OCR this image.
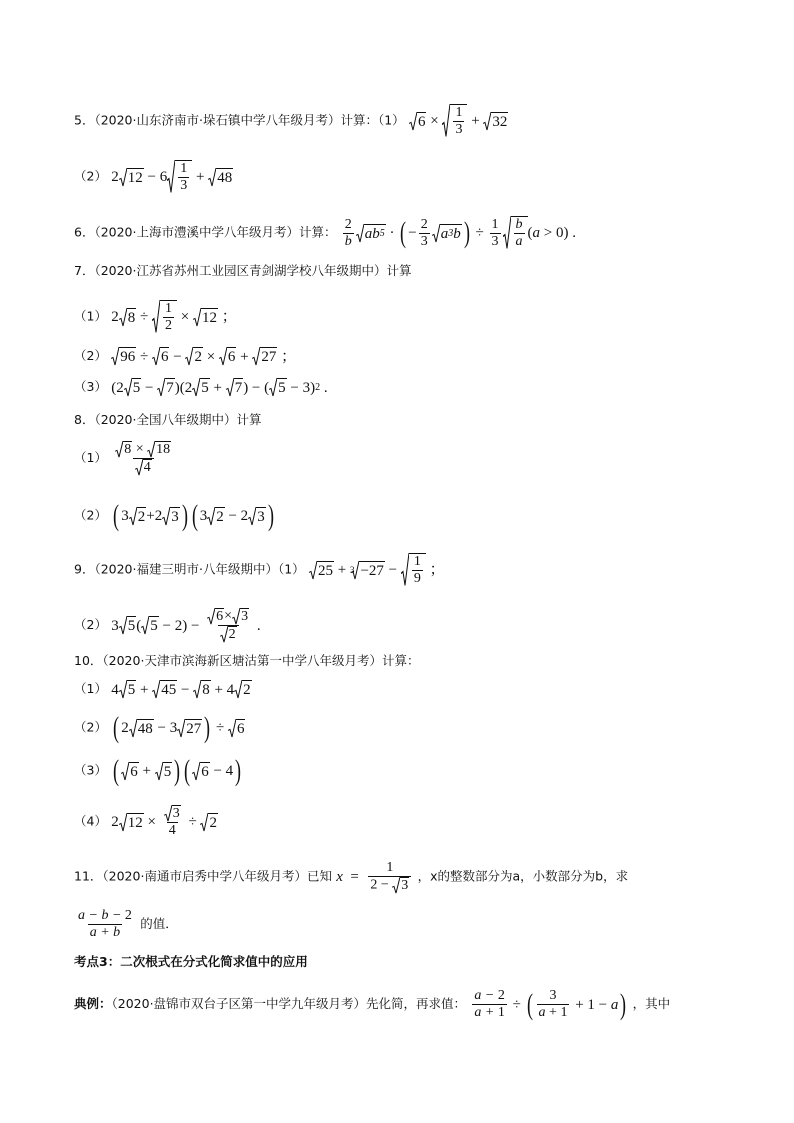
5．（2020·山东济南市·垛石镇中学八年级月考）计算：（1） $6 \times \frac{1}{3} + 32$
（2） 2 $12 - 6 \frac{1}{3} + 48$
6．（2020·上海市澧溪中学八年级月考）计算： $\frac{2}{b}$ ab 5 · ( − $\frac{2}{3}$ a 3 b ) ÷ $\frac{1}{3} \frac{b}{a}$ ( a > 0) .
7．（2020·江苏省苏州工业园区青剑湖学校八年级期中）计算
（1） 2 $8 \div \frac{1}{2} \times 12$ ；
（2） 96 ÷ 6 − 2 × 6 + 27 ；
（3） (2 5 − 7 )(2 5 + 7 ) − ( 5 − 3) 2 .
8．（2020·全国八年级期中）计算
$(1) \frac{8 \times 18}{4}$
（2） ( 3 2 +2 3 ) ( 3 2 − 2 3 )
9．（2020·福建三明市·八年级期中）（1） $25 + 3 -27 - \frac{1}{9}$ ；
（2） 3 5 ( $5 - 2) - \frac{6 \times 3}{2}$ .
10．（2020·天津市滨海新区塘沽第一中学八年级月考）计算：
（1） 4 5 + 45 − 8 + 4 2
（2） ( 2 48 − 3 27 ) ÷ 6
（3） ( 6 + 5 ) ( 6 − 4 )
（4） 2 $12 \times \frac{3}{4} \div 2$
11．（2020·南通市启秀中学八年级月考）已知 $x = \frac{1}{2 - 3}$ ，x的整数部分为a，小数部分为b，求
$\frac{a - b - 2}{a + b}$ 的值．
考点3：二次根式在分式化简求值中的应用
典例：（2020·盘锦市双台子区第一中学九年级月考）先化简，再求值： $\frac{a - 2}{a + 1}$ ÷ ( $\frac{3}{a + 1} + 1 - a$ ) ，其中
